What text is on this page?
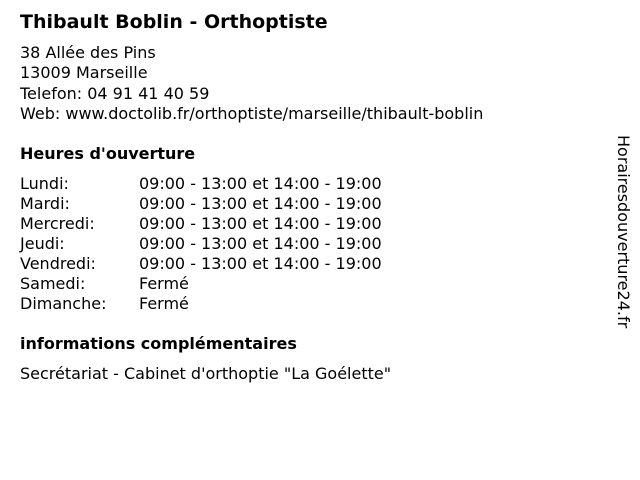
Thibault Boblin - Orthoptiste
38 Allée des Pins
13009 Marseille
Telefon: 04 91 41 40 59
Web: www.doctolib.fr/orthoptiste/marseille/thibault-boblin
Heures d'ouverture
Lundi:	09:00 - 13:00 et 14:00 - 19:00
Mardi:	09:00 - 13:00 et 14:00 - 19:00
Mercredi:	09:00 - 13:00 et 14:00 - 19:00
Jeudi:	09:00 - 13:00 et 14:00 - 19:00
Vendredi:	09:00 - 13:00 et 14:00 - 19:00
Samedi:	Fermé
Dimanche: Fermé
informations complémentaires
Secrétariat - Cabinet d'orthoptie "La Goélette"
Horairesdouverture24.fr
